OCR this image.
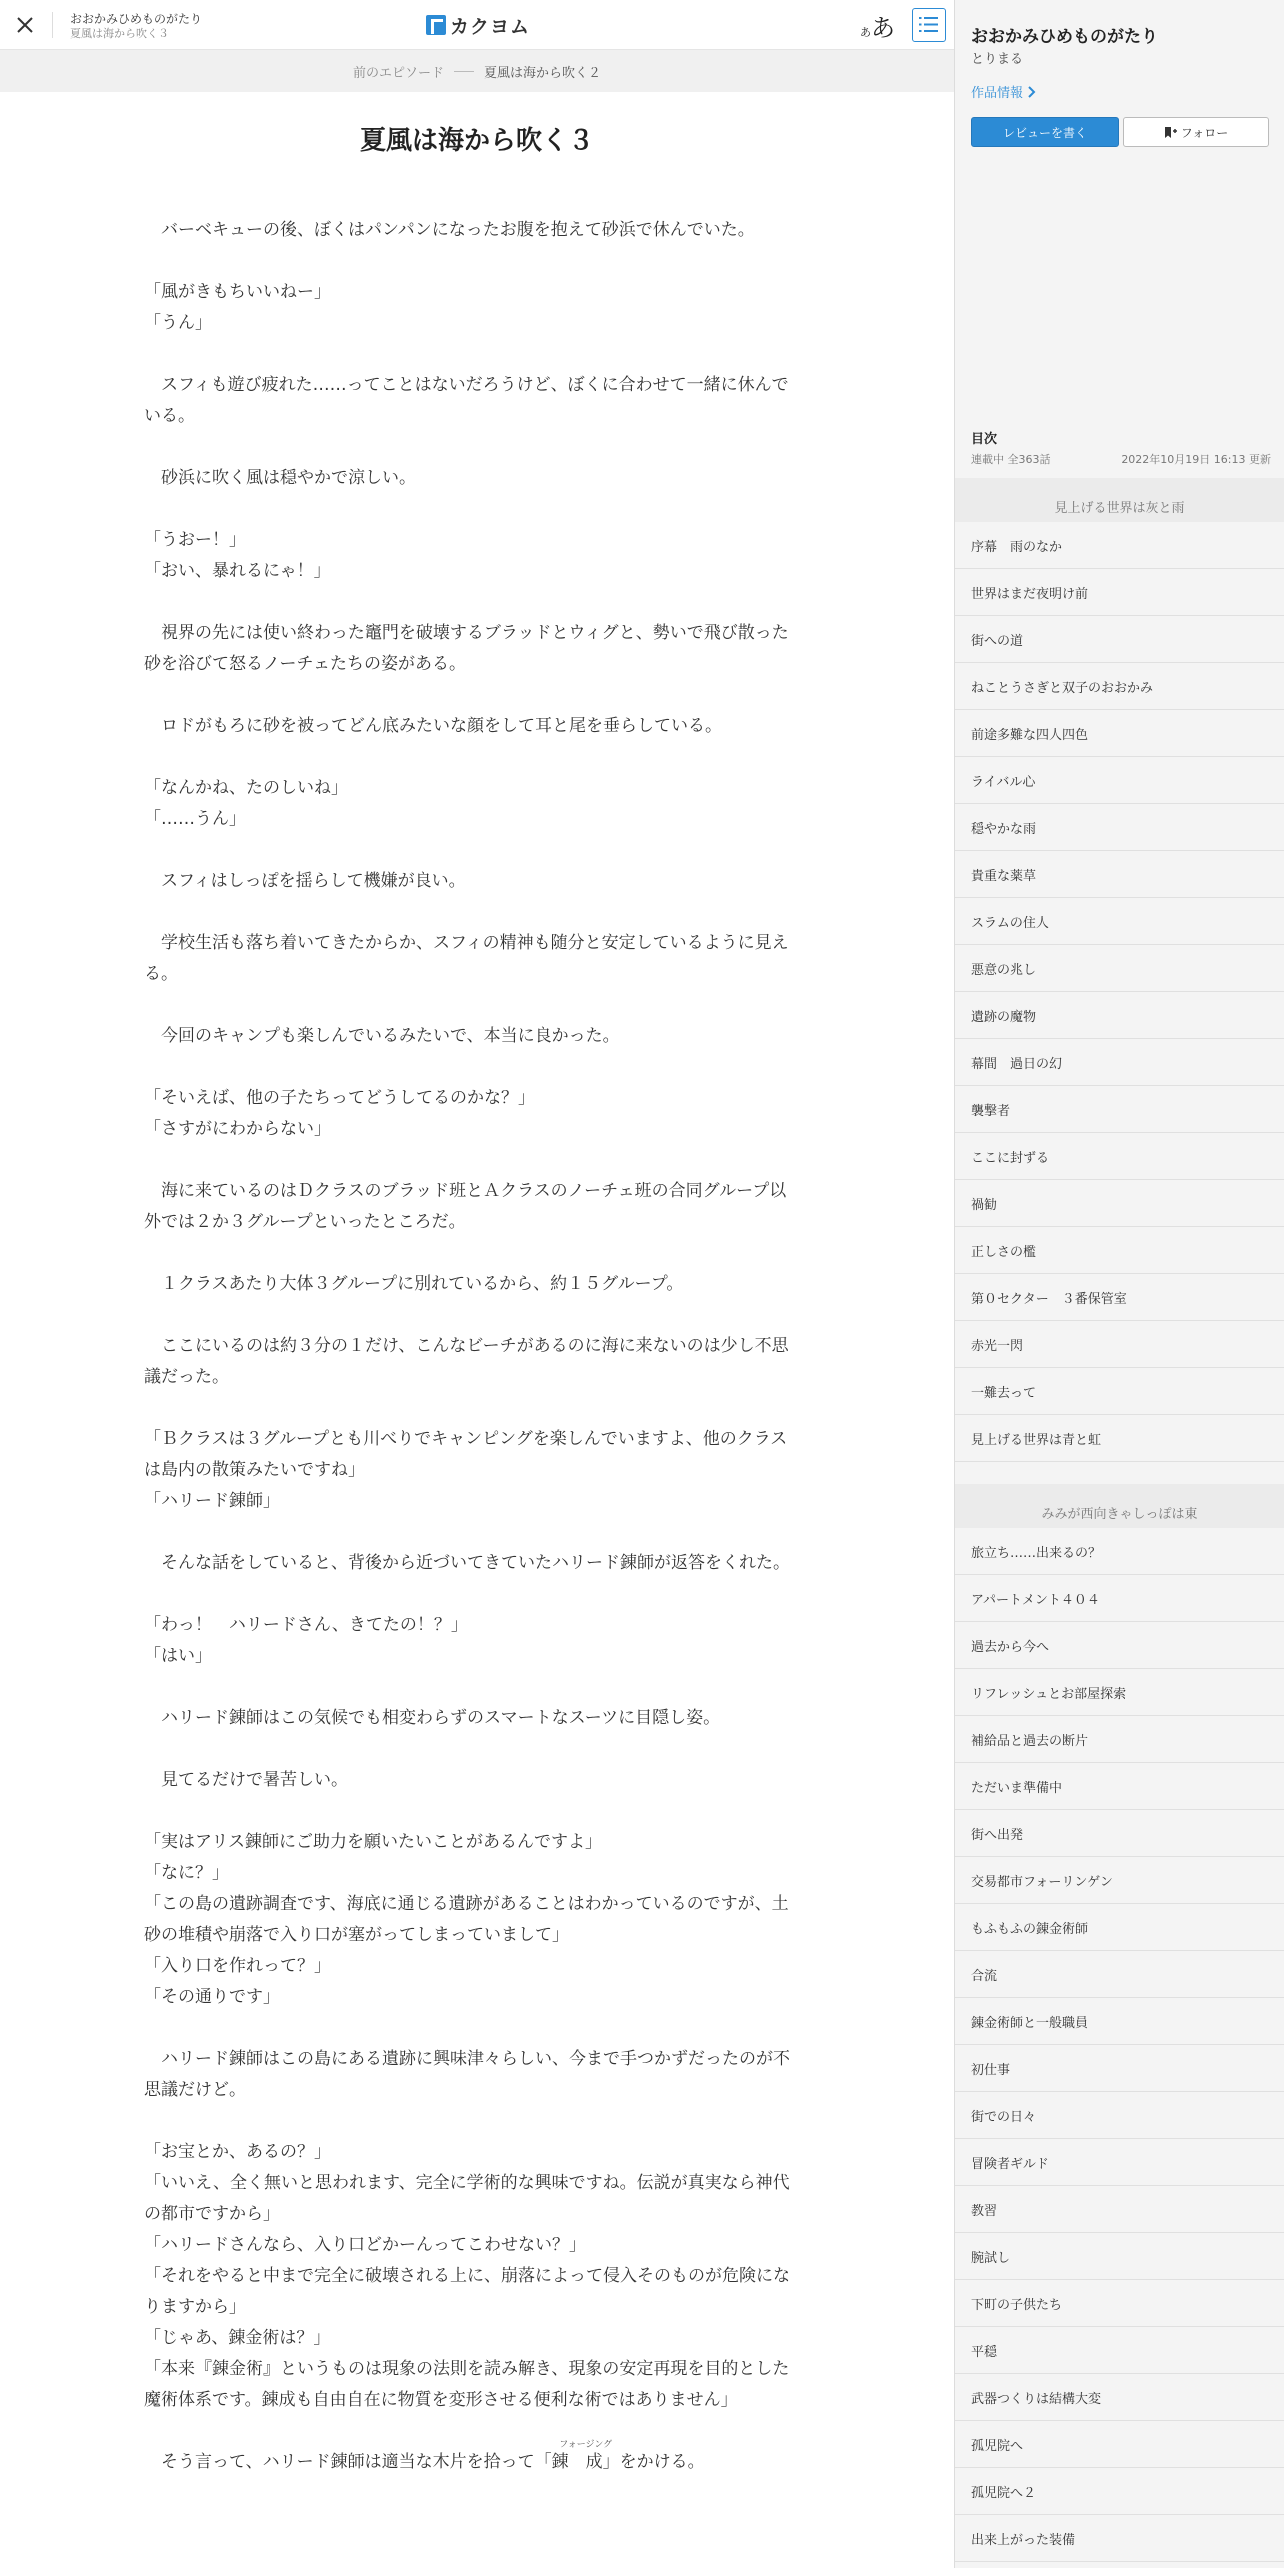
おおかみひめものがたり
夏風は海から吹く３	カクヨム	あ あ
前のエピソード	夏風は海から吹く２
夏風は海から吹く３

バーベキューの後、ぼくはパンパンになったお腹を抱えて砂浜で休んでいた。

「風がきもちいいねー」

「うん」

スフィも遊び疲れた……ってことはないだろうけど、ぼくに合わせて一緒に休んでいる。

砂浜に吹く風は穏やかで涼しい。

「うおー！」

「おい、暴れるにゃ！」

視界の先には使い終わった竈門を破壊するブラッドとウィグと、勢いで飛び散った砂を浴びて怒るノーチェたちの姿がある。

ロドがもろに砂を被ってどん底みたいな顔をして耳と尾を垂らしている。

「なんかね、たのしいね」

「……うん」

スフィはしっぽを揺らして機嫌が良い。

学校生活も落ち着いてきたからか、スフィの精神も随分と安定しているように見える。

今回のキャンプも楽しんでいるみたいで、本当に良かった。

「そいえば、他の子たちってどうしてるのかな？」

「さすがにわからない」

海に来ているのはＤクラスのブラッド班とＡクラスのノーチェ班の合同グループ以外では２か３グループといったところだ。

１クラスあたり大体３グループに別れているから、約１５グループ。

ここにいるのは約３分の１だけ、こんなビーチがあるのに海に来ないのは少し不思議だった。

「Ｂクラスは３グループとも川べりでキャンピングを楽しんでいますよ、他のクラスは島内の散策みたいですね」

「ハリード錬師」

そんな話をしていると、背後から近づいてきていたハリード錬師が返答をくれた。

「わっ！　ハリードさん、きてたの！？」

「はい」

ハリード錬師はこの気候でも相変わらずのスマートなスーツに目隠し姿。

見てるだけで暑苦しい。

「実はアリス錬師にご助力を願いたいことがあるんですよ」

「なに？」

「この島の遺跡調査です、海底に通じる遺跡があることはわかっているのですが、土砂の堆積や崩落で入り口が塞がってしまっていまして」

「入り口を作れって？」

「その通りです」

ハリード錬師はこの島にある遺跡に興味津々らしい、今まで手つかずだったのが不思議だけど。

「お宝とか、あるの？」

「いいえ、全く無いと思われます、完全に学術的な興味ですね。伝説が真実なら神代の都市ですから」

「ハリードさんなら、入り口どかーんってこわせない？」

「それをやると中まで完全に破壊される上に、崩落によって侵入そのものが危険になりますから」

「じゃあ、錬金術は？」

「本来『錬金術』というものは現象の法則を読み解き、現象の安定再現を目的とした魔術体系です。錬成も自由自在に物質を変形させる便利な術ではありません」

そう言って、ハリード錬師は適当な木片を拾って「錬　成
フォージング
」をかける。

おおかみひめものがたり
とりまる
作品情報
レビューを書く	フォロー
目次
連載中 全363話	2022年10月19日 16:13 更新
見上げる世界は灰と雨
序幕　雨のなか
世界はまだ夜明け前
街への道
ねことうさぎと双子のおおかみ
前途多難な四人四色
ライバル心
穏やかな雨
貴重な薬草
スラムの住人
悪意の兆し
遺跡の魔物
幕間　過日の幻
襲撃者
ここに封ずる
禍勧
正しさの檻
第０セクター　３番保管室
赤光一閃
一難去って
見上げる世界は青と虹
みみが西向きゃしっぽは東
旅立ち……出来るの？
アパートメント４０４
過去から今へ
リフレッシュとお部屋探索
補給品と過去の断片
ただいま準備中
街へ出発
交易都市フォーリンゲン
もふもふの錬金術師
合流
錬金術師と一般職員
初仕事
街での日々
冒険者ギルド
教習
腕試し
下町の子供たち
平穏
武器つくりは結構大変
孤児院へ
孤児院へ２
出来上がった装備
